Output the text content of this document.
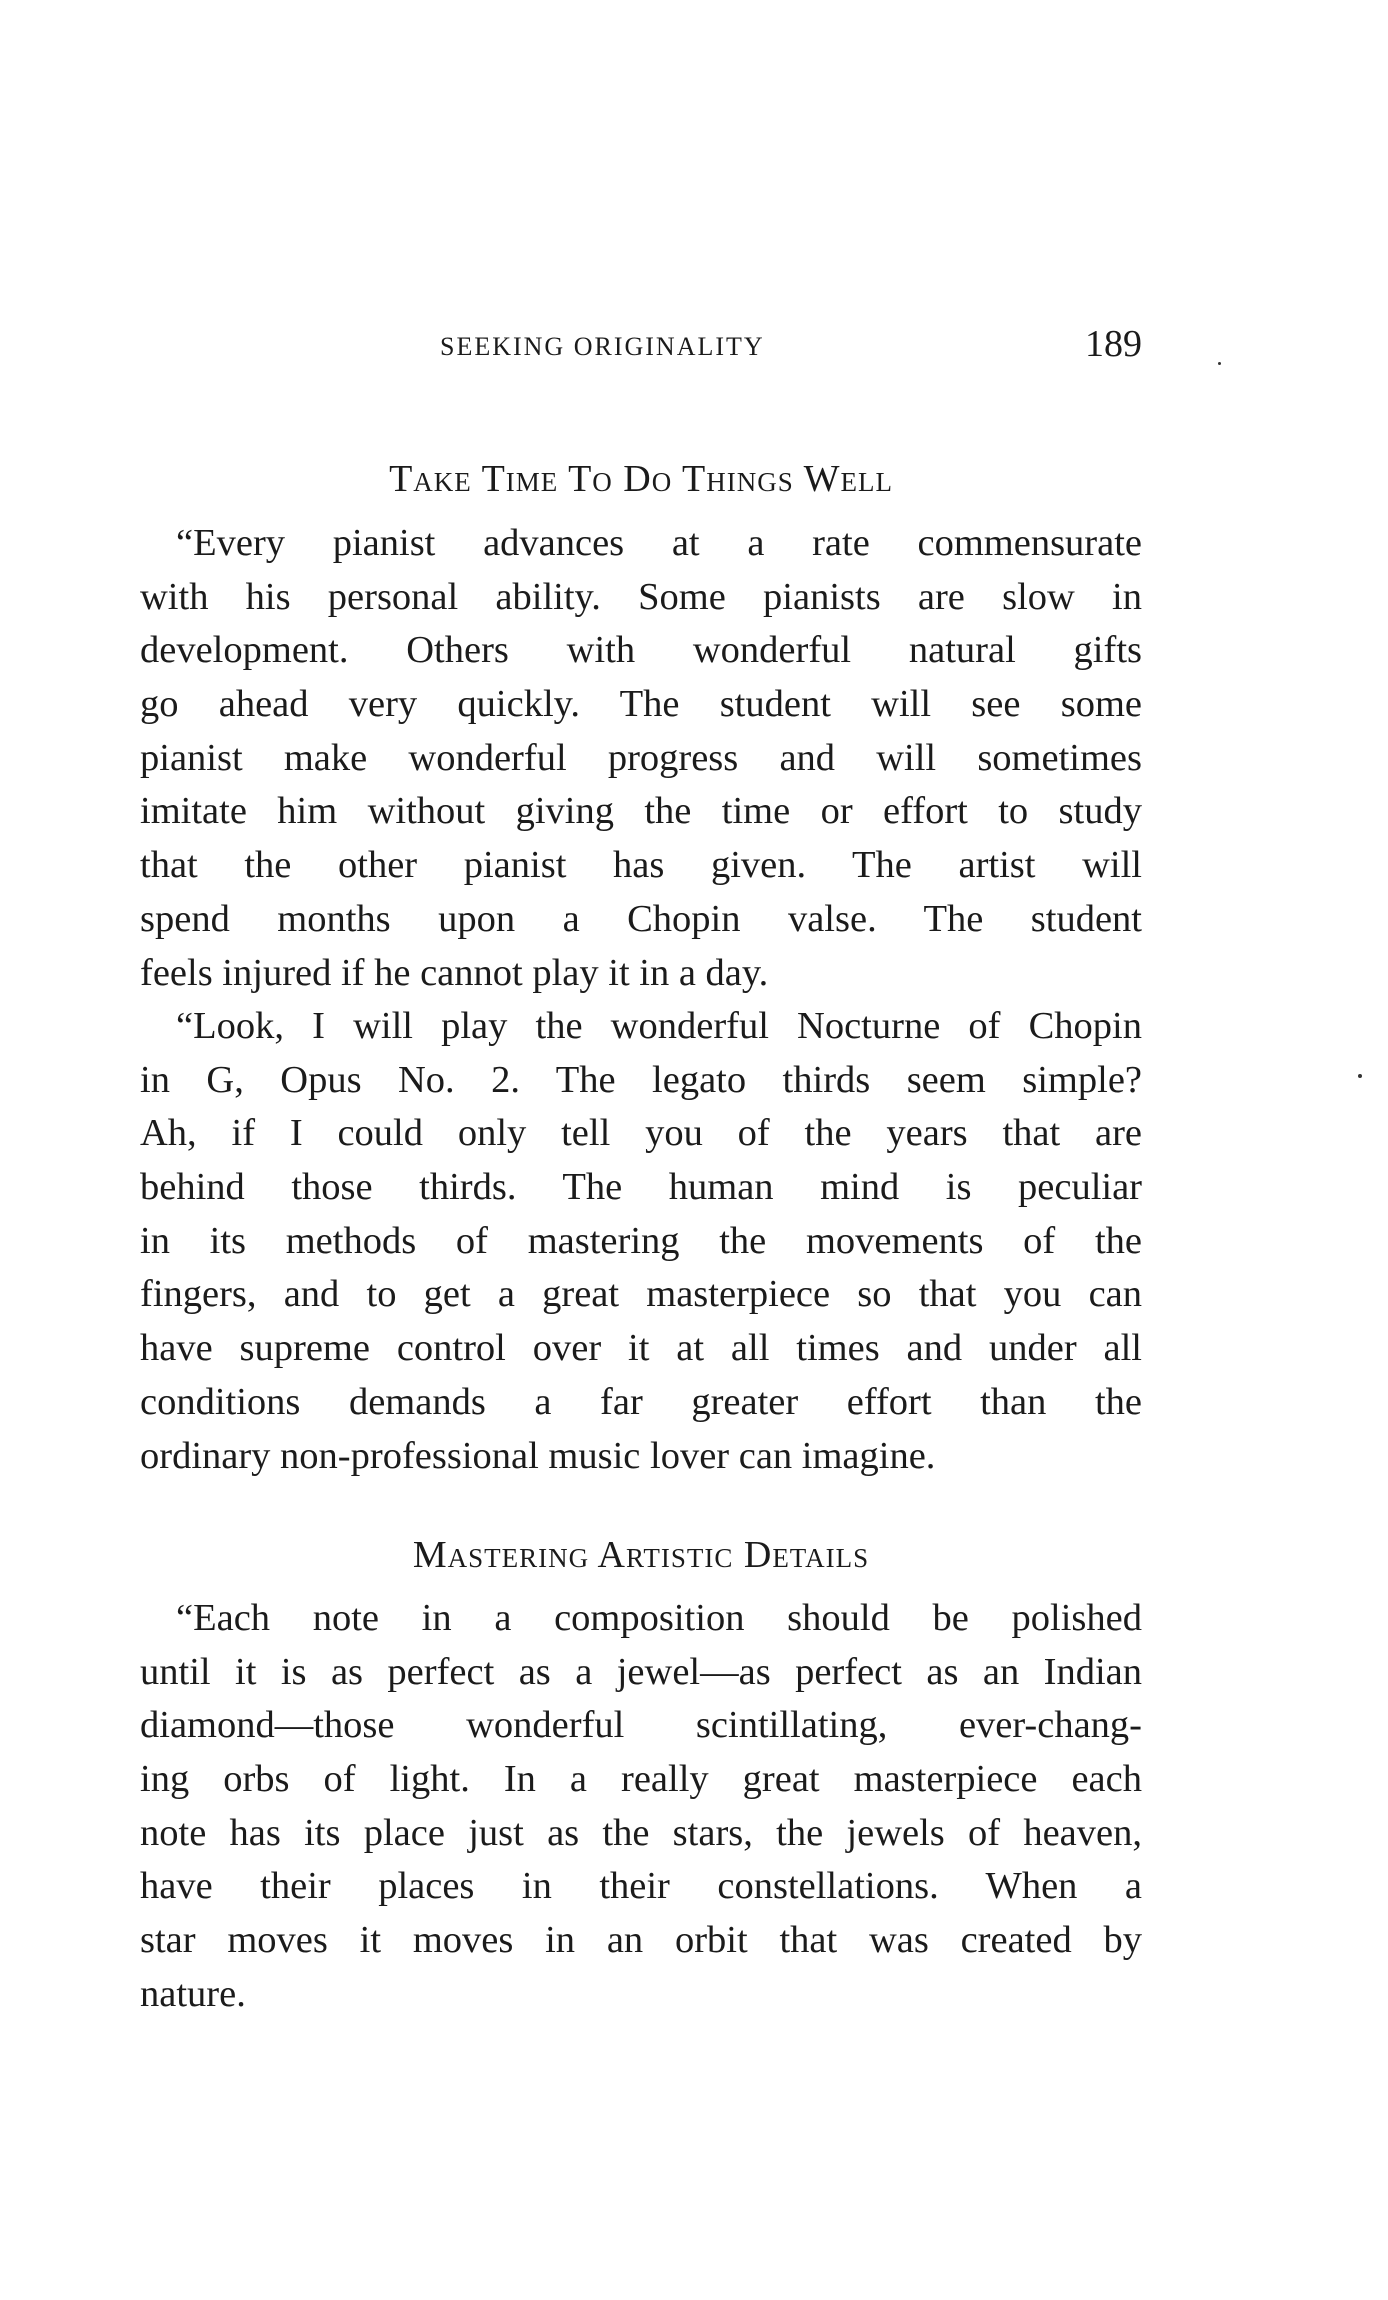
SEEKING ORIGINALITY	189
Take Time To Do Things Well
“Every pianist advances at a rate commensurate
with his personal ability. Some pianists are slow in
development. Others with wonderful natural gifts
go ahead very quickly. The student will see some
pianist make wonderful progress and will sometimes
imitate him without giving the time or effort to study
that the other pianist has given. The artist will
spend months upon a Chopin valse. The student
feels injured if he cannot play it in a day.
“Look, I will play the wonderful Nocturne of Chopin
in G, Opus No. 2. The legato thirds seem simple?
Ah, if I could only tell you of the years that are
behind those thirds. The human mind is peculiar
in its methods of mastering the movements of the
fingers, and to get a great masterpiece so that you can
have supreme control over it at all times and under all
conditions demands a far greater effort than the
ordinary non-professional music lover can imagine.
Mastering Artistic Details
“Each note in a composition should be polished
until it is as perfect as a jewel—as perfect as an Indian
diamond—those wonderful scintillating, ever-chang-
ing orbs of light. In a really great masterpiece each
note has its place just as the stars, the jewels of heaven,
have their places in their constellations. When a
star moves it moves in an orbit that was created by
nature.
